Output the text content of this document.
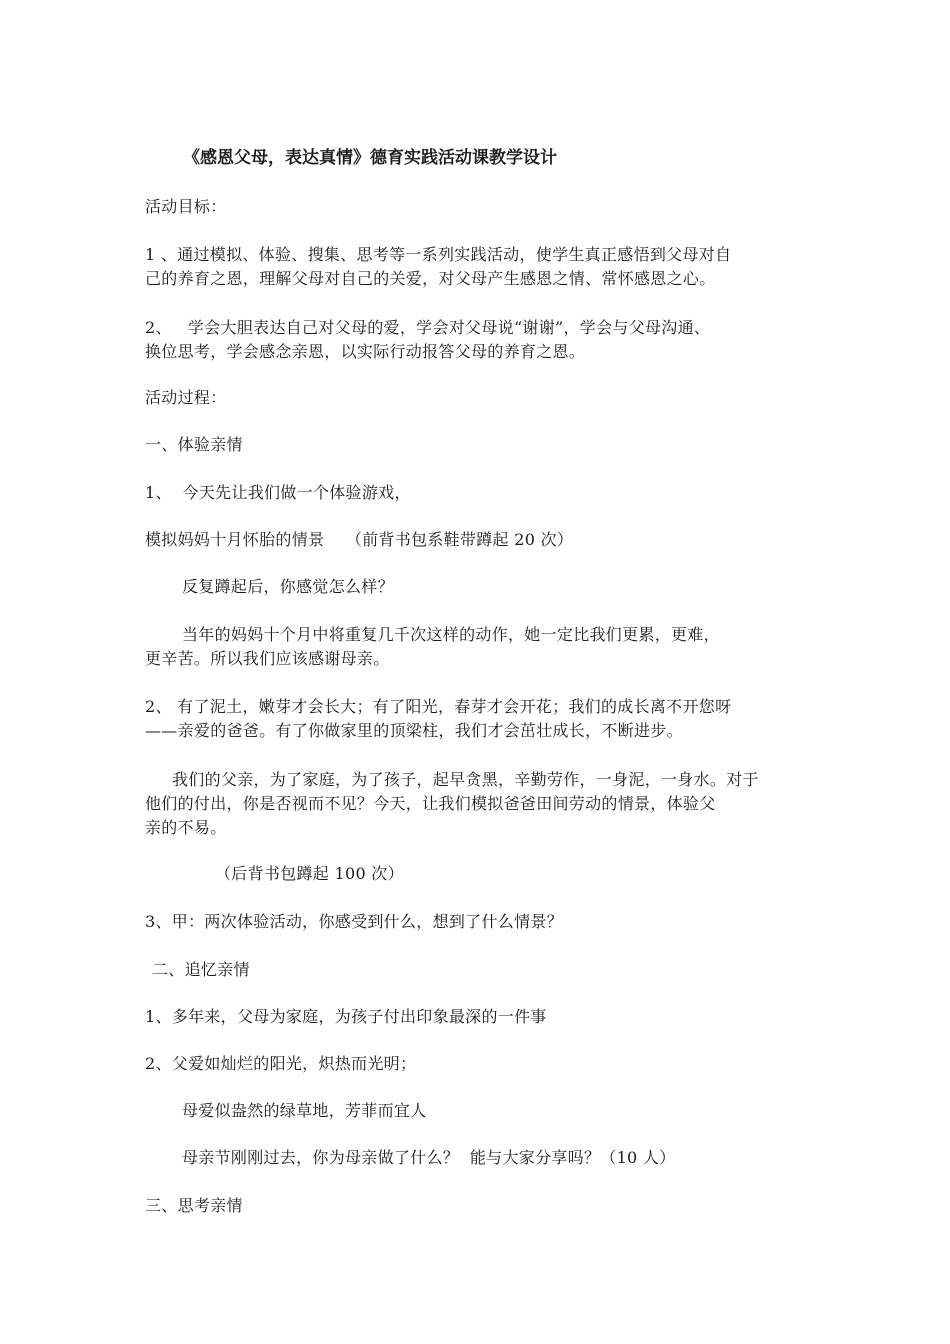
《感恩父母，表达真情》德育实践活动课教学设计
活动目标：
1 、通过模拟、体验、搜集、思考等一系列实践活动，使学生真正感悟到父母对自
己的养育之恩，理解父母对自己的关爱，对父母产生感恩之情、常怀感恩之心。
2、   学会大胆表达自己对父母的爱，学会对父母说“谢谢”，学会与父母沟通、
换位思考，学会感念亲恩，以实际行动报答父母的养育之恩。
活动过程：
一、体验亲情
1、  今天先让我们做一个体验游戏，
模拟妈妈十月怀胎的情景    （前背书包系鞋带蹲起 20 次）
反复蹲起后，你感觉怎么样？
当年的妈妈十个月中将重复几千次这样的动作，她一定比我们更累，更难，
更辛苦。所以我们应该感谢母亲。
2、 有了泥土，嫩芽才会长大；有了阳光，春芽才会开花；我们的成长离不开您呀
——亲爱的爸爸。有了你做家里的顶梁柱，我们才会茁壮成长，不断进步。
我们的父亲，为了家庭，为了孩子，起早贪黑，辛勤劳作，一身泥，一身水。对于
他们的付出，你是否视而不见？今天，让我们模拟爸爸田间劳动的情景，体验父
亲的不易。
（后背书包蹲起 100 次）
3、甲：两次体验活动，你感受到什么，想到了什么情景？
二、追忆亲情
1、多年来，父母为家庭，为孩子付出印象最深的一件事
2、父爱如灿烂的阳光，炽热而光明；
母爱似盎然的绿草地，芳菲而宜人
母亲节刚刚过去，你为母亲做了什么？  能与大家分享吗？（10 人）
三、思考亲情
